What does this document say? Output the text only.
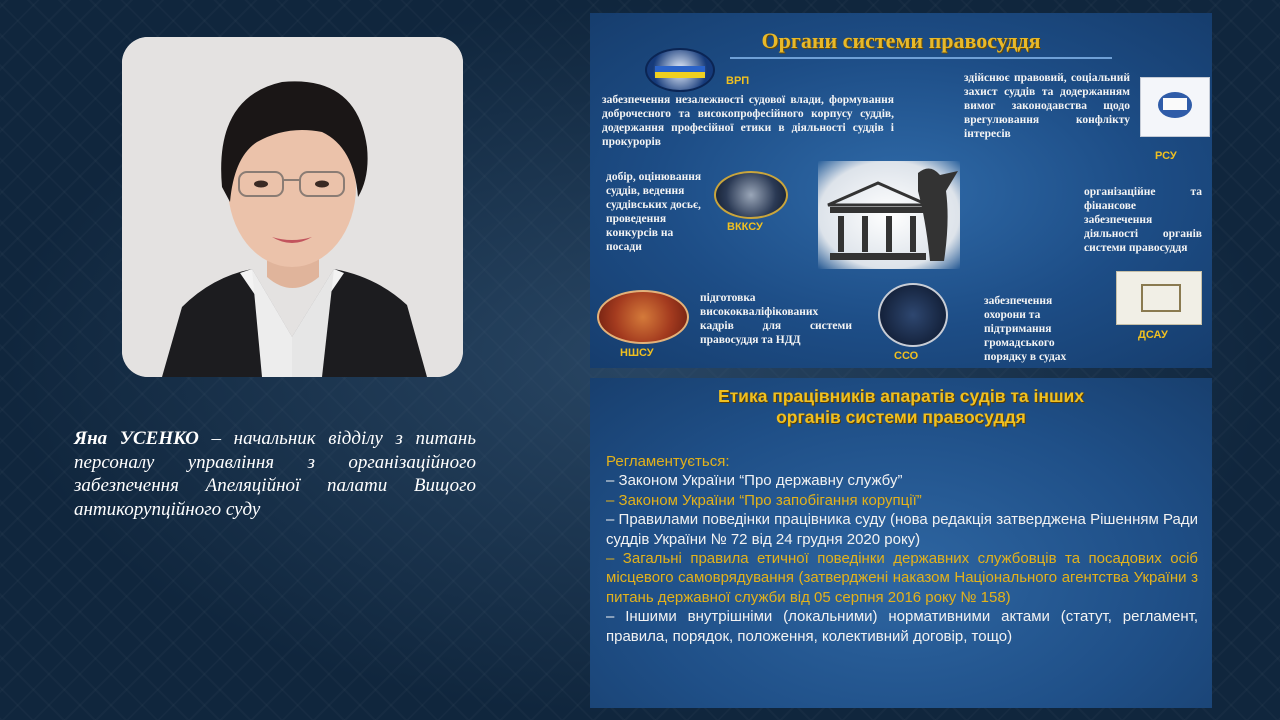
Яна УСЕНКО – начальник відділу з питань персоналу управління з організаційного забезпечення Апеляційної палати Вищого антикорупційного суду
Органи системи правосуддя
ВРП
забезпечення незалежності судової влади, формування доброчесного та високопрофесійного корпусу суддів, додержання професійної етики в діяльності суддів і прокурорів
здійснює правовий, соціальний захист суддів та додержанням вимог законодавства щодо врегулювання конфлікту інтересів
РСУ
добір, оцінювання суддів, ведення суддівських досьє, проведення конкурсів на посади
ВККСУ
організаційне та фінансове забезпечення діяльності органів системи правосуддя
ДСАУ
підготовка висококваліфікованих кадрів для системи правосуддя та НДД
НШСУ	ССО
забезпечення охорони та підтримання громадського порядку в судах
Етика працівників апаратів судів та інших
органів системи правосуддя
Регламентується:
– Законом України “Про державну службу”
– Законом України “Про запобігання корупції”
– Правилами поведінки працівника суду (нова редакція затверджена Рішенням Ради суддів України № 72 від 24 грудня 2020 року)
– Загальні правила етичної поведінки державних службовців та посадових осіб місцевого самоврядування (затверджені наказом Національного агентства України з питань державної служби від 05 серпня 2016 року № 158)
– Іншими внутрішніми (локальними) нормативними актами (статут, регламент, правила, порядок, положення, колективний договір, тощо)
